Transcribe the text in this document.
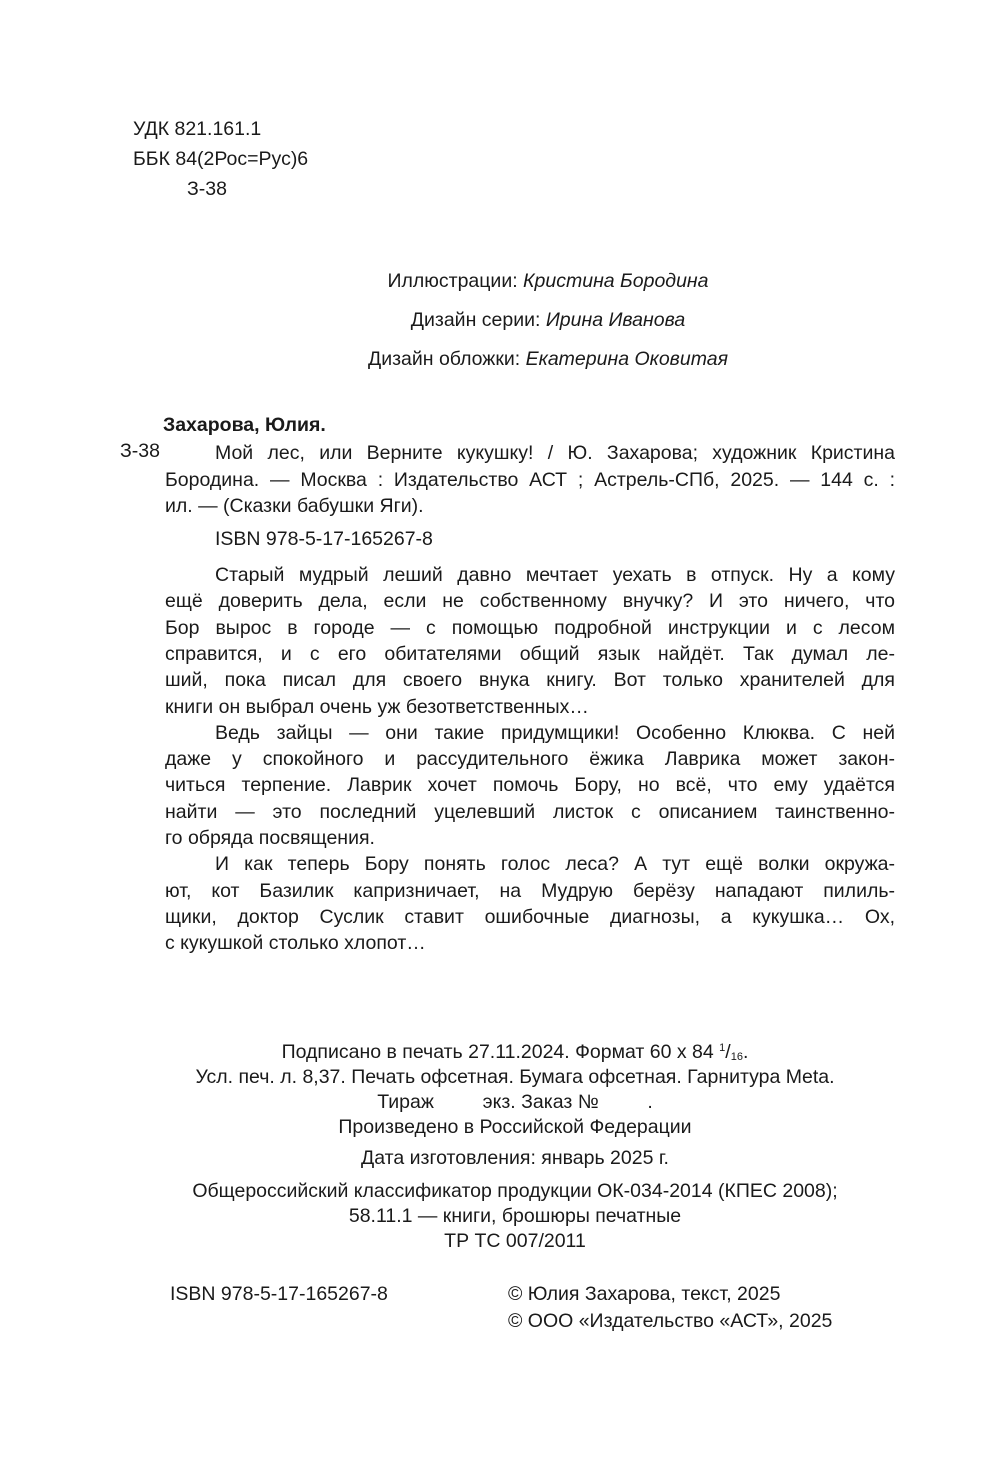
УДК 821.161.1
ББК 84(2Рос=Рус)6
З-38
Иллюстрации: Кристина Бородина
Дизайн серии: Ирина Иванова
Дизайн обложки: Екатерина Оковитая
Захарова, Юлия.
З-38	Мой лес, или Верните кукушку! / Ю. Захарова; художник Кристина
Бородина. — Москва : Издательство АСТ ; Астрель-СПб, 2025. — 144 с. :
ил. — (Сказки бабушки Яги).
ISBN 978-5-17-165267-8
Старый мудрый леший давно мечтает уехать в отпуск. Ну а кому
ещё доверить дела, если не собственному внучку? И это ничего, что
Бор вырос в городе — с помощью подробной инструкции и с лесом
справится, и с его обитателями общий язык найдёт. Так думал ле-
ший, пока писал для своего внука книгу. Вот только хранителей для
книги он выбрал очень уж безответственных…
Ведь зайцы — они такие придумщики! Особенно Клюква. С ней
даже у спокойного и рассудительного ёжика Лаврика может закон-
читься терпение. Лаврик хочет помочь Бору, но всё, что ему удаётся
найти — это последний уцелевший листок с описанием таинственно-
го обряда посвящения.
И как теперь Бору понять голос леса? А тут ещё волки окружа-
ют, кот Базилик капризничает, на Мудрую берёзу нападают пилиль-
щики, доктор Суслик ставит ошибочные диагнозы, а кукушка… Ох,
с кукушкой столько хлопот…
Подписано в печать 27.11.2024. Формат 60 х 84 1/16.
Усл. печ. л. 8,37. Печать офсетная. Бумага офсетная. Гарнитура Meta.
Тираж         экз. Заказ №         .
Произведено в Российской Федерации
Дата изготовления: январь 2025 г.
Общероссийский классификатор продукции ОК-034-2014 (КПЕС 2008);
58.11.1 — книги, брошюры печатные
ТР ТС 007/2011
ISBN 978-5-17-165267-8	© Юлия Захарова, текст, 2025
© ООО «Издательство «АСТ», 2025
